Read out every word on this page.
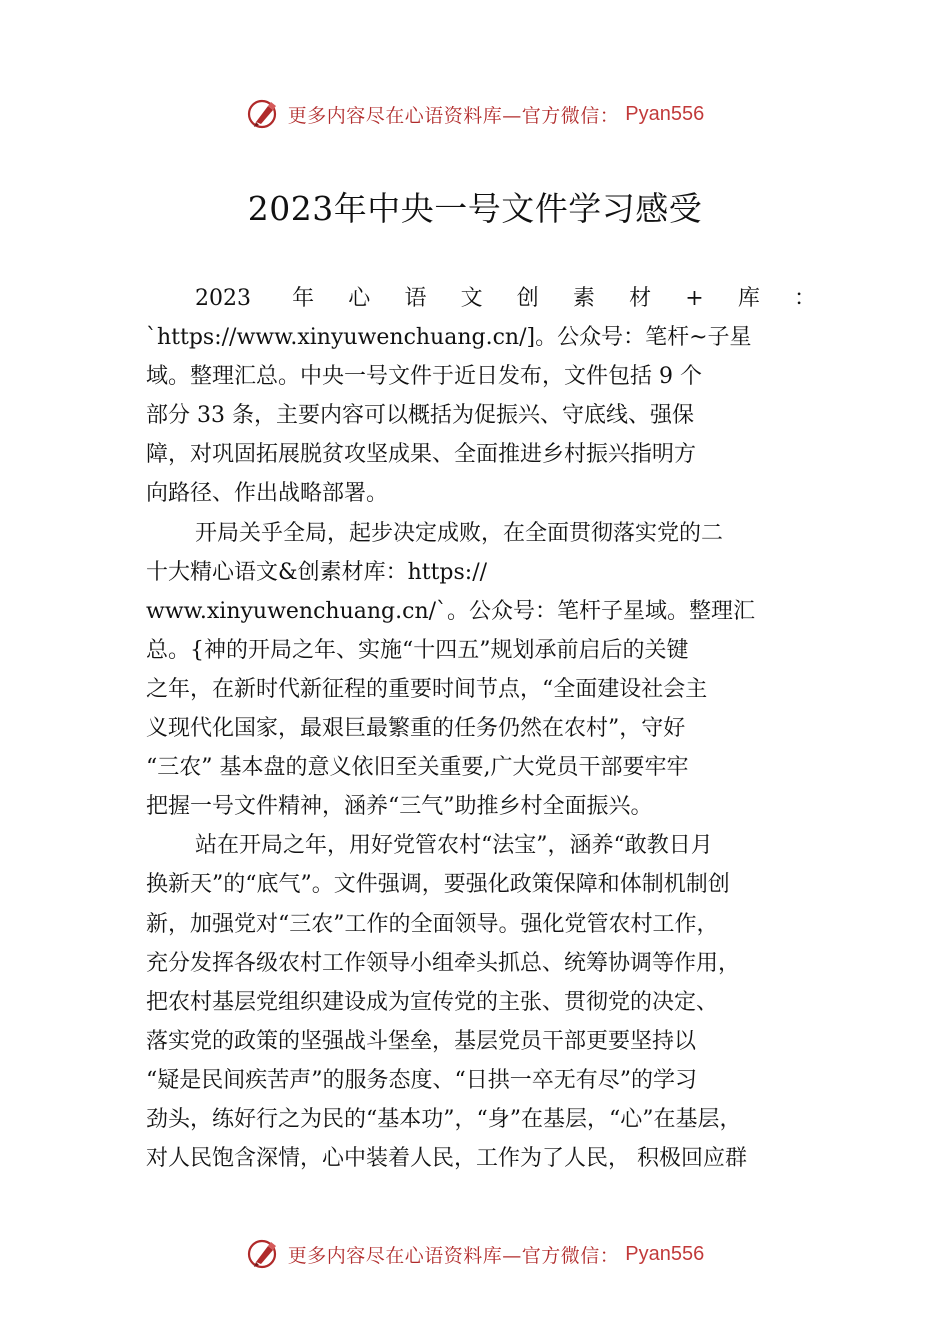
更多内容尽在心语资料库—官方微信： Pyan556
2023年中央一号文件学习感受
2023 年心语文创素材+库：
`https://www.xinyuwenchuang.cn/]。公众号：笔杆~子星
域。整理汇总。中央一号文件于近日发布，文件包括 9 个
部分 33 条，主要内容可以概括为促振兴、守底线、强保
障，对巩固拓展脱贫攻坚成果、全面推进乡村振兴指明方
向路径、作出战略部署。
开局关乎全局，起步决定成败，在全面贯彻落实党的二
十大精心语文&创素材库：https://
www.xinyuwenchuang.cn/`。公众号：笔杆子星域。整理汇
总。{神的开局之年、实施“十四五”规划承前启后的关键
之年，在新时代新征程的重要时间节点，“全面建设社会主
义现代化国家，最艰巨最繁重的任务仍然在农村”，守好
“三农” 基本盘的意义依旧至关重要,广大党员干部要牢牢
把握一号文件精神，涵养“三气”助推乡村全面振兴。
站在开局之年，用好党管农村“法宝”，涵养“敢教日月
换新天”的“底气”。文件强调，要强化政策保障和体制机制创
新，加强党对“三农”工作的全面领导。强化党管农村工作，
充分发挥各级农村工作领导小组牵头抓总、统筹协调等作用，
把农村基层党组织建设成为宣传党的主张、贯彻党的决定、
落实党的政策的坚强战斗堡垒，基层党员干部更要坚持以
“疑是民间疾苦声”的服务态度、“日拱一卒无有尽”的学习
劲头，练好行之为民的“基本功”，“身”在基层，“心”在基层，
对人民饱含深情，心中装着人民，工作为了人民， 积极回应群
更多内容尽在心语资料库—官方微信： Pyan556
